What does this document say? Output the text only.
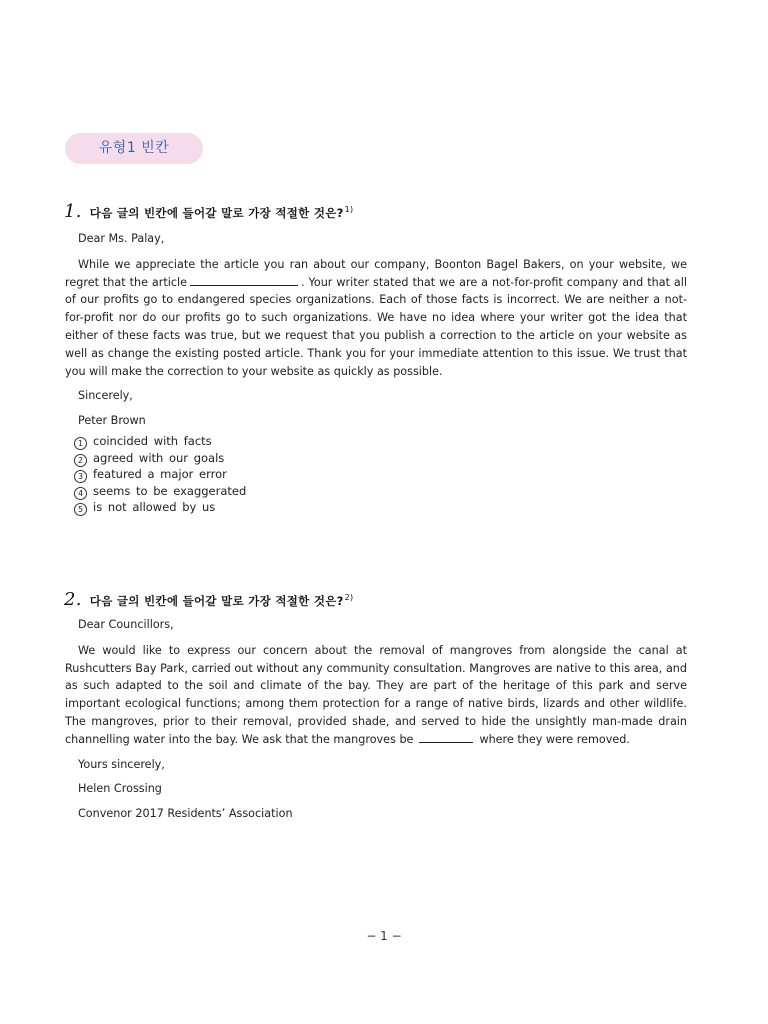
유형1 빈칸
1. 다음 글의 빈칸에 들어갈 말로 가장 적절한 것은?$^{1)}$

Dear Ms. Palay,

While we appreciate the article you ran about our company, Boonton Bagel Bakers, on your website, we regret that the article	. Your writer stated that we are a not-for-profit company and that all of our profits go to endangered species organizations. Each of those facts is incorrect. We are neither a not-for-profit nor do our profits go to such organizations. We have no idea where your writer got the idea that either of these facts was true, but we request that you publish a correction to the article on your website as well as change the existing posted article. Thank you for your immediate attention to this issue. We trust that you will make the correction to your website as quickly as possible.

Sincerely,

Peter Brown

1 coincided with facts
2 agreed with our goals
3 featured a major error
4 seems to be exaggerated
5 is not allowed by us
2. 다음 글의 빈칸에 들어갈 말로 가장 적절한 것은?$^{2)}$

Dear Councillors,

We would like to express our concern about the removal of mangroves from alongside the canal at Rushcutters Bay Park, carried out without any community consultation. Mangroves are native to this area, and as such adapted to the soil and climate of the bay. They are part of the heritage of this park and serve important ecological functions; among them protection for a range of native birds, lizards and other wildlife. The mangroves, prior to their removal, provided shade, and served to hide the unsightly man-made drain channelling water into the bay. We ask that the mangroves be	where they were removed.

Yours sincerely,

Helen Crossing

Convenor 2017 Residents’ Association

− 1 −
